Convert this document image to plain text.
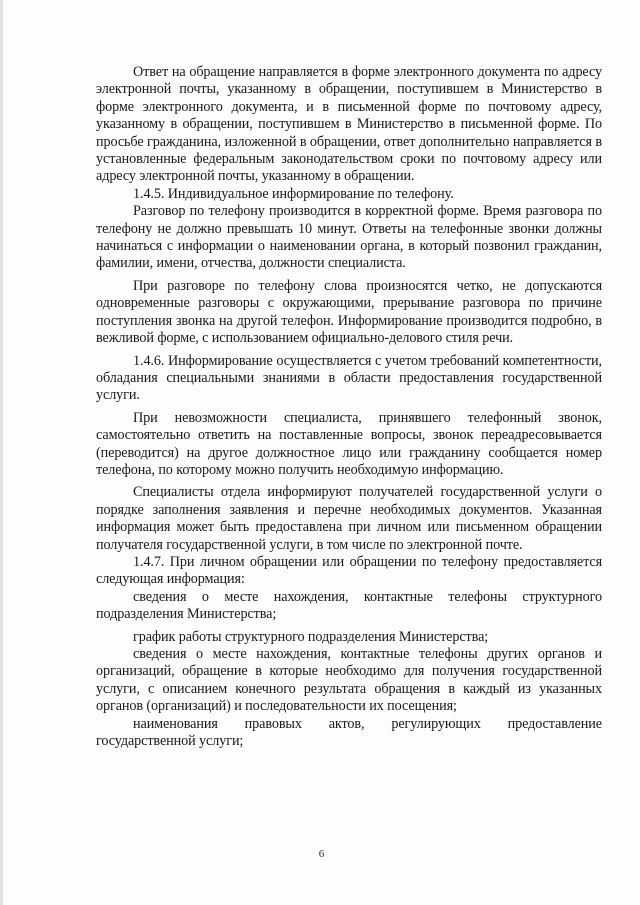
Ответ на обращение направляется в форме электронного документа по адресу электронной почты, указанному в обращении, поступившем в Министерство в форме электронного документа, и в письменной форме по почтовому адресу, указанному в обращении, поступившем в Министерство в письменной форме. По просьбе гражданина, изложенной в обращении, ответ дополнительно направляется в установленные федеральным законодательством сроки по почтовому адресу или адресу электронной почты, указанному в обращении.

1.4.5. Индивидуальное информирование по телефону.

Разговор по телефону производится в корректной форме. Время разговора по телефону не должно превышать 10 минут. Ответы на телефонные звонки должны начинаться с информации о наименовании органа, в который позвонил гражданин, фамилии, имени, отчества, должности специалиста.

При разговоре по телефону слова произносятся четко, не допускаются одновременные разговоры с окружающими, прерывание разговора по причине поступления звонка на другой телефон. Информирование производится подробно, в вежливой форме, с использованием официально-делового стиля речи.

1.4.6. Информирование осуществляется с учетом требований компетентности, обладания специальными знаниями в области предоставления государственной услуги.

При невозможности специалиста, принявшего телефонный звонок, самостоятельно ответить на поставленные вопросы, звонок переадресовывается (переводится) на другое должностное лицо или гражданину сообщается номер телефона, по которому можно получить необходимую информацию.

Специалисты отдела информируют получателей государственной услуги о порядке заполнения заявления и перечне необходимых документов. Указанная информация может быть предоставлена при личном или письменном обращении получателя государственной услуги, в том числе по электронной почте.

1.4.7. При личном обращении или обращении по телефону предоставляется следующая информация:

сведения о месте нахождения, контактные телефоны структурного подразделения Министерства;

график работы структурного подразделения Министерства;

сведения о месте нахождения, контактные телефоны других органов и организаций, обращение в которые необходимо для получения государственной услуги, с описанием конечного результата обращения в каждый из указанных органов (организаций) и последовательности их посещения;

наименования правовых актов, регулирующих предоставление государственной услуги;

6
